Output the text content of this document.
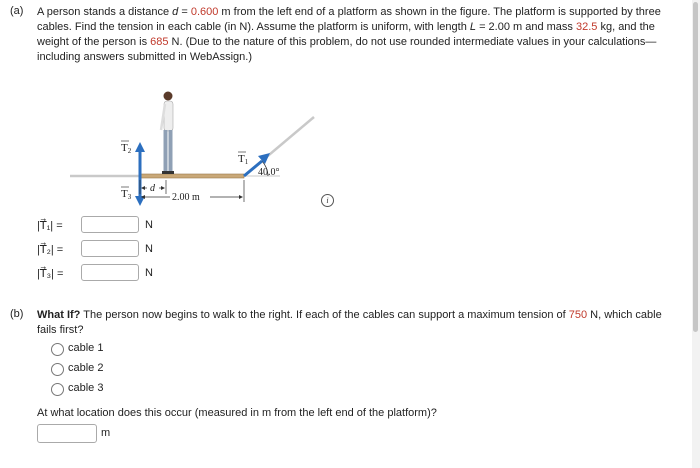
(a) A person stands a distance d = 0.600 m from the left end of a platform as shown in the figure. The platform is supported by three cables. Find the tension in each cable (in N). Assume the platform is uniform, with length L = 2.00 m and mass 32.5 kg, and the weight of the person is 685 N. (Due to the nature of this problem, do not use rounded intermediate values in your calculations—including answers submitted in WebAssign.)
T2
T3
T1
40.0°
d
2.00 m	i
|T⃗₁| =	N
|T⃗₂| =	N
|T⃗₃| =	N
(b) What If? The person now begins to walk to the right. If each of the cables can support a maximum tension of 750 N, which cable fails first?
cable 1
cable 2
cable 3
At what location does this occur (measured in m from the left end of the platform)?
m
